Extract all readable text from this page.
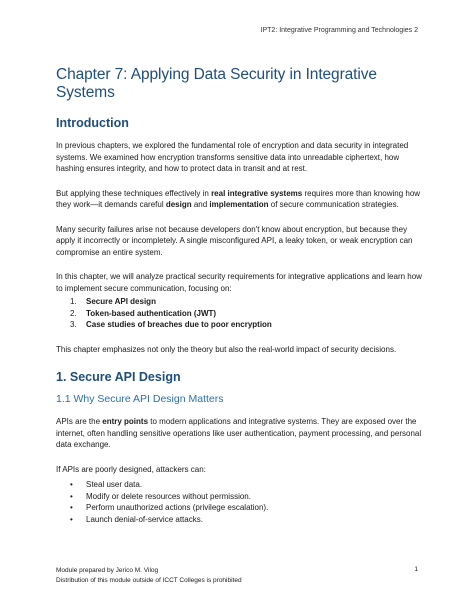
IPT2: Integrative Programming and Technologies 2
Chapter 7: Applying Data Security in Integrative Systems
Introduction

In previous chapters, we explored the fundamental role of encryption and data security in integrated systems. We examined how encryption transforms sensitive data into unreadable ciphertext, how hashing ensures integrity, and how to protect data in transit and at rest.

But applying these techniques effectively in real integrative systems requires more than knowing how they work—it demands careful design and implementation of secure communication strategies.

Many security failures arise not because developers don't know about encryption, but because they apply it incorrectly or incompletely. A single misconfigured API, a leaky token, or weak encryption can compromise an entire system.

In this chapter, we will analyze practical security requirements for integrative applications and learn how to implement secure communication, focusing on:

1. Secure API design
2. Token-based authentication (JWT)
3. Case studies of breaches due to poor encryption

This chapter emphasizes not only the theory but also the real-world impact of security decisions.

1. Secure API Design
1.1 Why Secure API Design Matters

APIs are the entry points to modern applications and integrative systems. They are exposed over the internet, often handling sensitive operations like user authentication, payment processing, and personal data exchange.

If APIs are poorly designed, attackers can:

• Steal user data.
• Modify or delete resources without permission.
• Perform unauthorized actions (privilege escalation).
• Launch denial-of-service attacks.
Module prepared by Jerico M. Vilog
Distribution of this module outside of ICCT Colleges is prohibited
1
